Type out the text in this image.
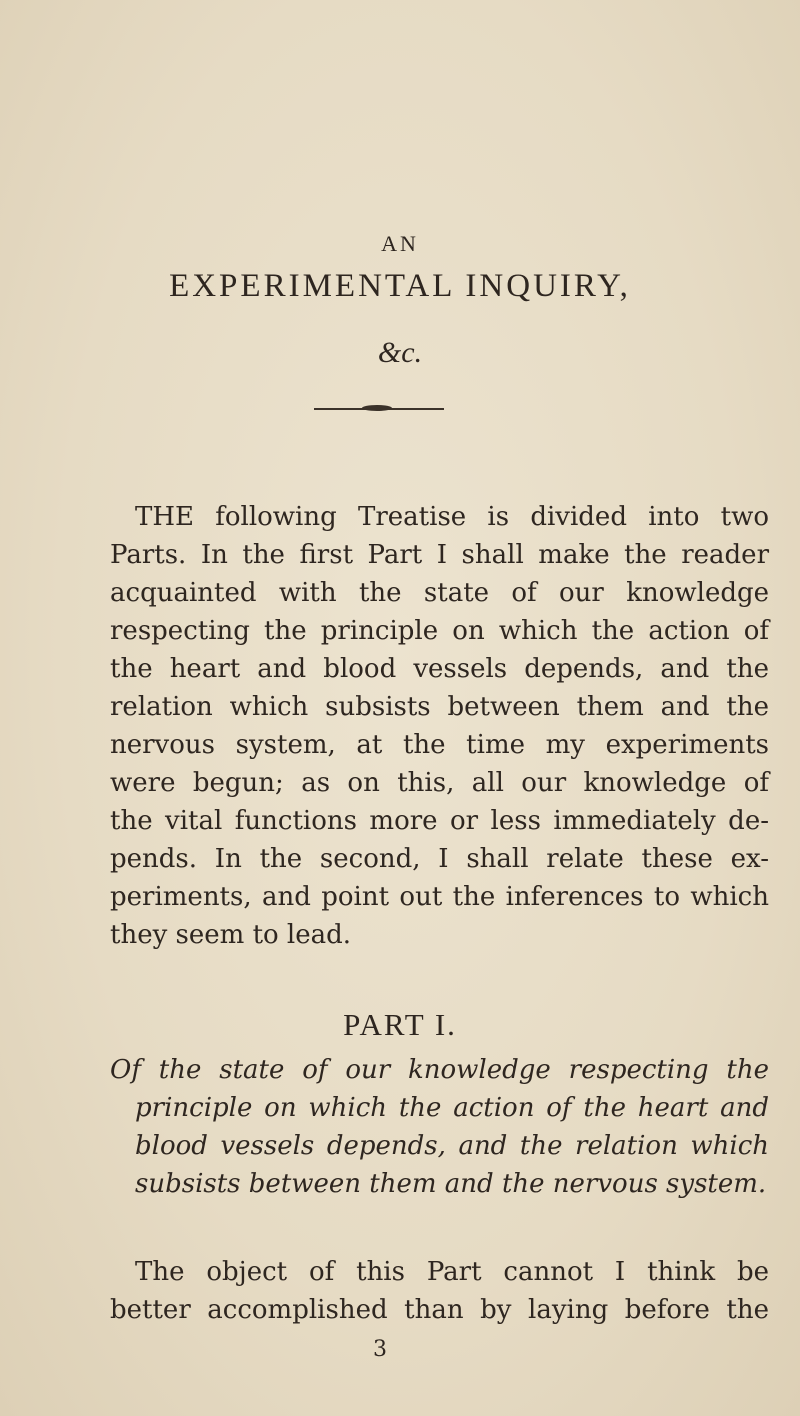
AN
EXPERIMENTAL INQUIRY,
&c.
THE following Treatise is divided into two
Parts. In the first Part I shall make the reader
acquainted with the state of our knowledge
respecting the principle on which the action of
the heart and blood vessels depends, and the
relation which subsists between them and the
nervous system, at the time my experiments
were begun; as on this, all our knowledge of
the vital functions more or less immediately de-
pends. In the second, I shall relate these ex-
periments, and point out the inferences to which
they seem to lead.
PART I.
Of the state of our knowledge respecting the
principle on which the action of the heart and
blood vessels depends, and the relation which
subsists between them and the nervous system.
The object of this Part cannot I think be
better accomplished than by laying before the
3
